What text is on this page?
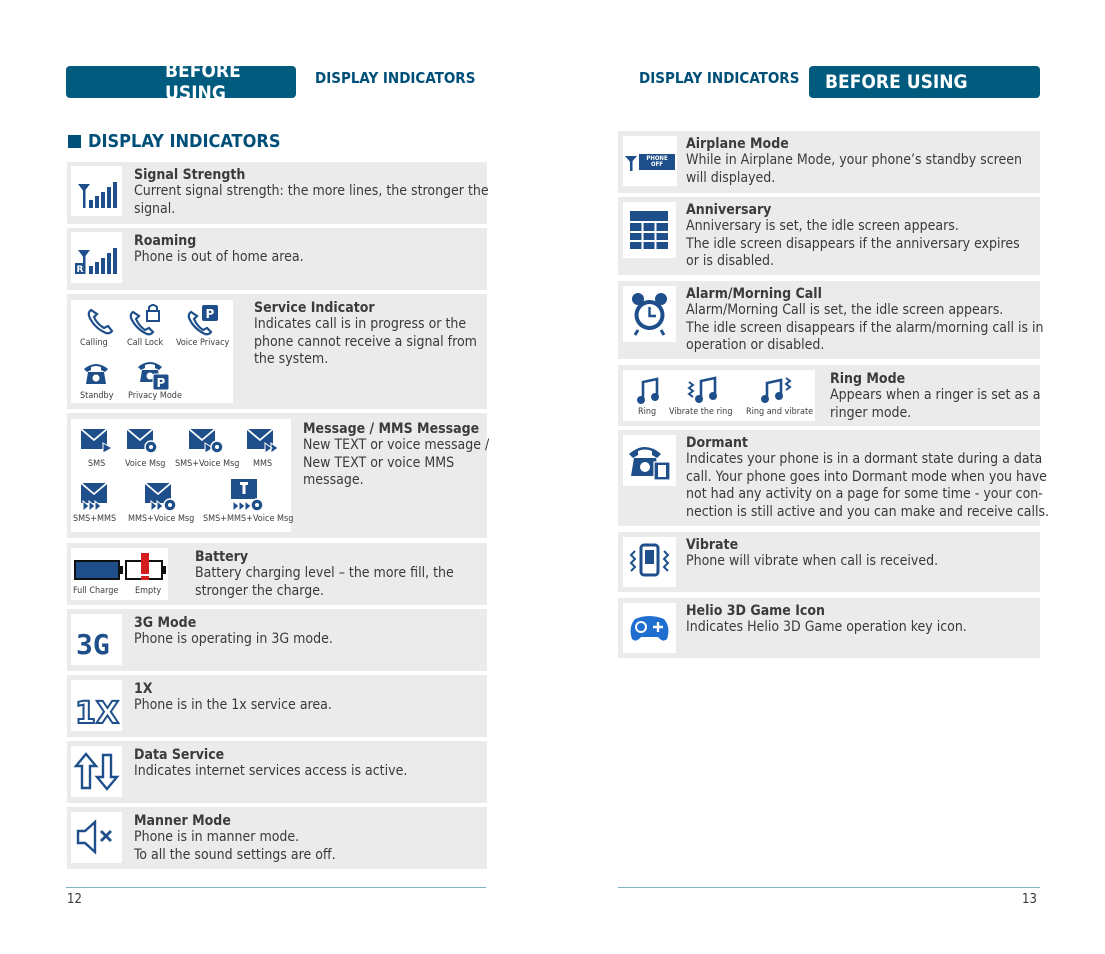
BEFORE USING
DISPLAY INDICATORS	DISPLAY INDICATORS BEFORE USING
DISPLAY INDICATORS
Signal Strength
Current signal strength: the more lines, the stronger the
signal.
R
Roaming
Phone is out of home area.
P
Calling Call Lock Voice Privacy
P
Standby Privacy Mode
Service Indicator
Indicates call is in progress or the
phone cannot receive a signal from
the system.
SMS Voice Msg SMS+Voice Msg MMS
SMS+MMS MMS+Voice Msg SMS+MMS+Voice Msg
Message / MMS Message
New TEXT or voice message /
New TEXT or voice MMS
message.
Full Charge Empty
Battery
Battery charging level – the more fill, the
stronger the charge.
3G
3G Mode
Phone is operating in 3G mode.
1X
1X
Phone is in the 1x service area.
Data Service
Indicates internet services access is active.
Manner Mode
Phone is in manner mode.
To all the sound settings are off.
PHONE OFF
Airplane Mode
While in Airplane Mode, your phone’s standby screen
will displayed.
Anniversary
Anniversary is set, the idle screen appears.
The idle screen disappears if the anniversary expires
or is disabled.
Alarm/Morning Call
Alarm/Morning Call is set, the idle screen appears.
The idle screen disappears if the alarm/morning call is in
operation or disabled.
Ring Vibrate the ring Ring and vibrate
Ring Mode
Appears when a ringer is set as a
ringer mode.
Dormant
Indicates your phone is in a dormant state during a data
call. Your phone goes into Dormant mode when you have
not had any activity on a page for some time - your con-
nection is still active and you can make and receive calls.
Vibrate
Phone will vibrate when call is received.
Helio 3D Game Icon
Indicates Helio 3D Game operation key icon.
12	13
